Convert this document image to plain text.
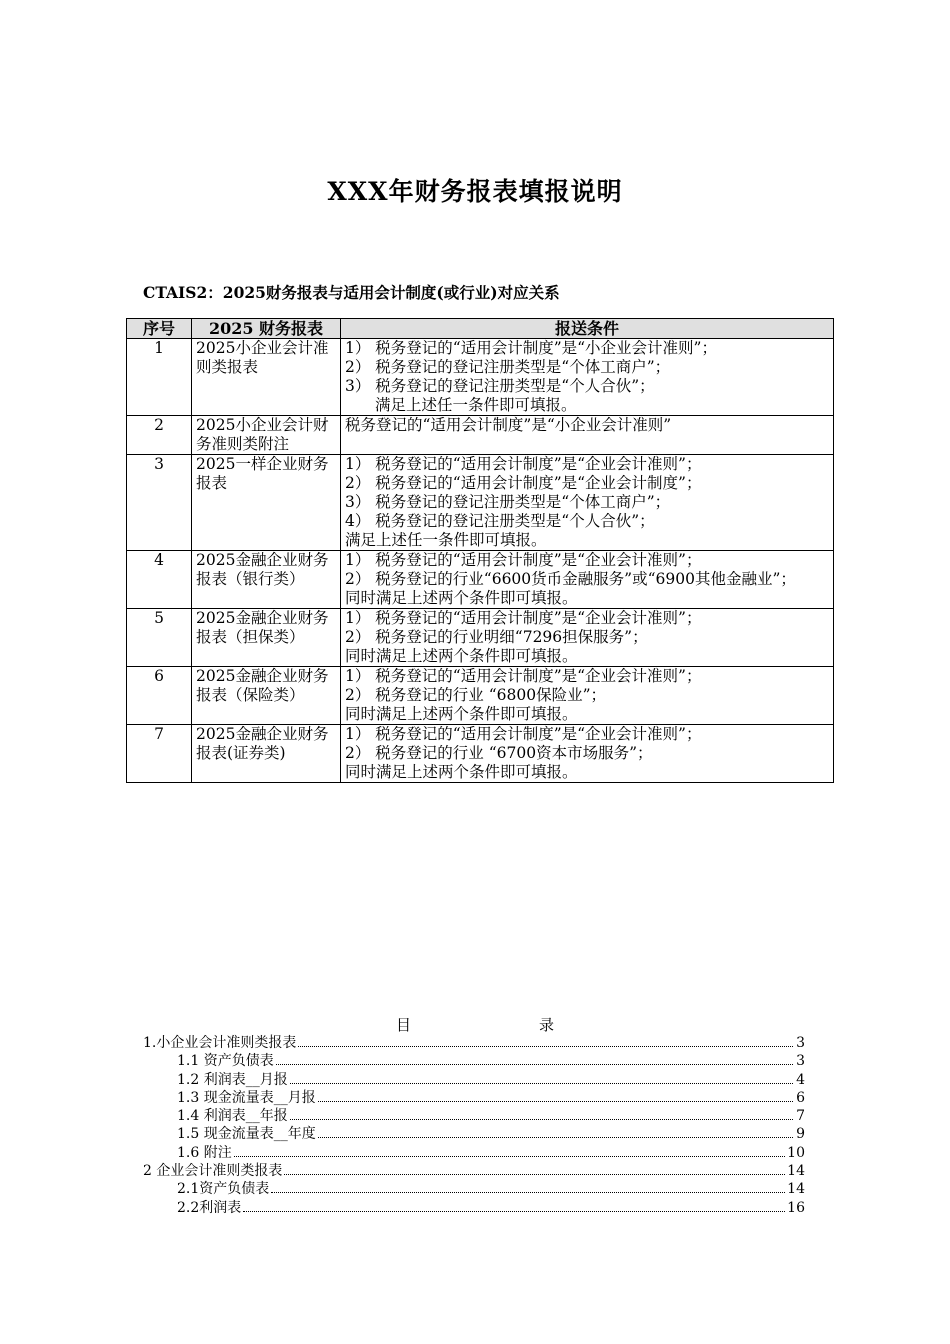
XXX年财务报表填报说明
CTAIS2：2025财务报表与适用会计制度(或行业)对应关系
序号	2025 财务报表	报送条件
1	2025小企业会计准则类报表	1） 税务登记的“适用会计制度”是“小企业会计准则”；
2） 税务登记的登记注册类型是“个体工商户”；
3） 税务登记的登记注册类型是“个人合伙”；
满足上述任一条件即可填报。

2	2025小企业会计财务准则类附注	税务登记的“适用会计制度”是“小企业会计准则”

3	2025一样企业财务报表	1） 税务登记的“适用会计制度”是“企业会计准则”；
2） 税务登记的“适用会计制度”是“企业会计制度”；
3） 税务登记的登记注册类型是“个体工商户”；
4） 税务登记的登记注册类型是“个人合伙”；
满足上述任一条件即可填报。

4	2025金融企业财务报表（银行类）	1） 税务登记的“适用会计制度”是“企业会计准则”；
2） 税务登记的行业“6600货币金融服务”或“6900其他金融业”；
同时满足上述两个条件即可填报。

5	2025金融企业财务报表（担保类）	1） 税务登记的“适用会计制度”是“企业会计准则”；
2） 税务登记的行业明细“7296担保服务”；
同时满足上述两个条件即可填报。

6	2025金融企业财务报表（保险类）	1） 税务登记的“适用会计制度”是“企业会计准则”；
2） 税务登记的行业 “6800保险业”；
同时满足上述两个条件即可填报。

7	2025金融企业财务报表(证券类)	1） 税务登记的“适用会计制度”是“企业会计准则”；
2） 税务登记的行业 “6700资本市场服务”；
同时满足上述两个条件即可填报。
目录
1.小企业会计准则类报表	3
1.1 资产负债表	3
1.2 利润表__月报	4
1.3 现金流量表__月报	6
1.4 利润表__年报	7
1.5 现金流量表__年度	9
1.6 附注	10
2 企业会计准则类报表	14
2.1资产负债表	14
2.2利润表	16
